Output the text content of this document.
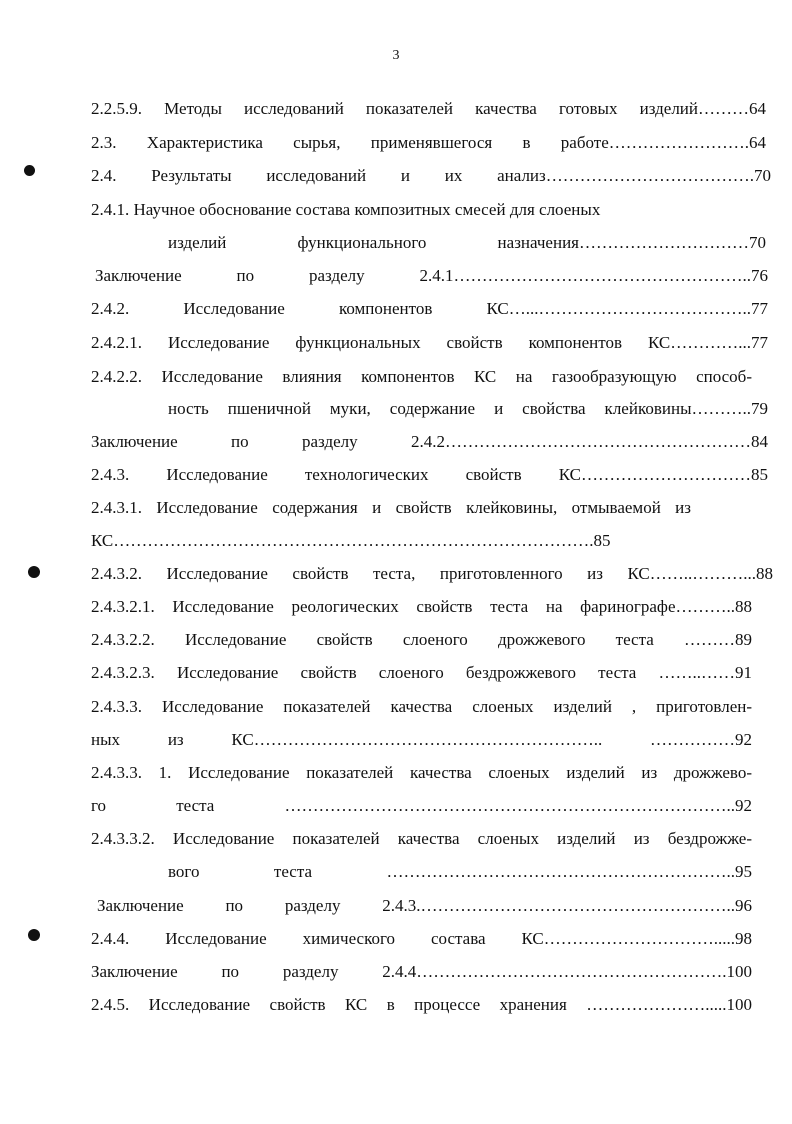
3
2.2.5.9. Методы исследований показателей качества готовых изделий………64
2.3. Характеристика сырья, применявшегося в работе…………………….64
2.4. Результаты исследований и их анализ……………………………….70
2.4.1. Научное обоснование состава композитных смесей для слоеных
изделий функционального назначения…………………………70
Заключение по разделу 2.4.1……………………………………………..76
2.4.2. Исследование компонентов КС…...………………………………..77
2.4.2.1. Исследование функциональных свойств компонентов КС…………...77
2.4.2.2. Исследование влияния компонентов КС на газообразующую способ-
ность пшеничной муки, содержание и свойства клейковины………..79
Заключение по разделу 2.4.2………………………………………………84
2.4.3. Исследование технологических свойств КС…………………………85
2.4.3.1. Исследование содержания и свойств клейковины, отмываемой из
КС………………………………………………………………………….85
2.4.3.2. Исследование свойств теста, приготовленного из КС……..………...88
2.4.3.2.1. Исследование реологических свойств теста на фаринографе………..88
2.4.3.2.2. Исследование свойств слоеного дрожжевого теста ………89
2.4.3.2.3. Исследование свойств слоеного бездрожжевого теста ……..……91
2.4.3.3. Исследование показателей качества слоеных изделий , приготовлен-
ных из КС…………………………………………………….. ……………92
2.4.3.3. 1. Исследование показателей качества слоеных изделий из дрожжево-
го теста ……………………………………………………………………..92
2.4.3.3.2. Исследование показателей качества слоеных изделий из бездрожже-
вого теста ……………………………………………………..95
Заключение по разделу 2.4.3.………………………………………………..96
2.4.4. Исследование химического состава КС………………………….....98
Заключение по разделу 2.4.4……………………………………………….100
2.4.5. Исследование свойств КС в процессе хранения ………………….....100
